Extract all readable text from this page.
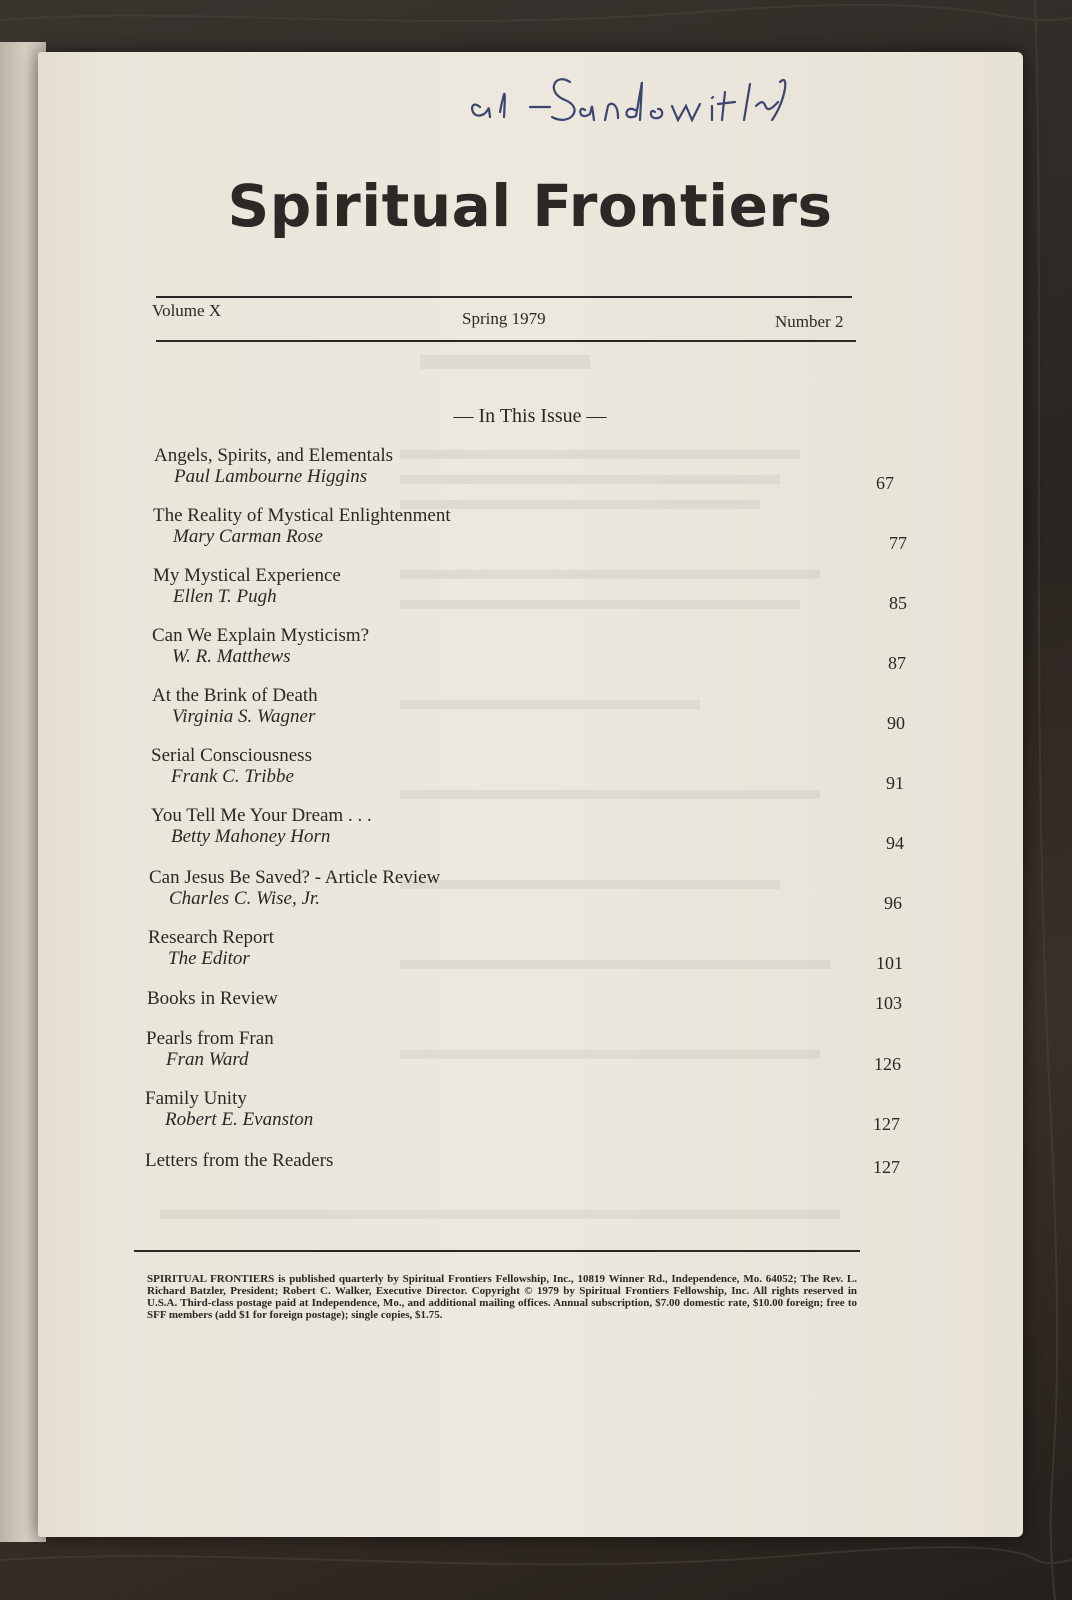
Spiritual Frontiers
Volume X	Spring 1979	Number 2
— In This Issue —
Angels, Spirits, and Elementals
Paul Lambourne Higgins	67
The Reality of Mystical Enlightenment
Mary Carman Rose	77
My Mystical Experience
Ellen T. Pugh	85
Can We Explain Mysticism?
W. R. Matthews	87
At the Brink of Death
Virginia S. Wagner	90
Serial Consciousness
Frank C. Tribbe	91
You Tell Me Your Dream . . .
Betty Mahoney Horn	94
Can Jesus Be Saved? - Article Review
Charles C. Wise, Jr.	96
Research Report
The Editor	101
Books in Review	103
Pearls from Fran
Fran Ward	126
Family Unity
Robert E. Evanston	127
Letters from the Readers	127

SPIRITUAL FRONTIERS is published quarterly by Spiritual Frontiers Fellowship, Inc., 10819 Winner Rd., Independence, Mo. 64052; The Rev. L. Richard Batzler, President; Robert C. Walker, Executive Director. Copyright © 1979 by Spiritual Frontiers Fellowship, Inc. All rights reserved in U.S.A. Third-class postage paid at Independence, Mo., and additional mailing offices. Annual subscription, $7.00 domestic rate, $10.00 foreign; free to SFF members (add $1 for foreign postage); single copies, $1.75.
